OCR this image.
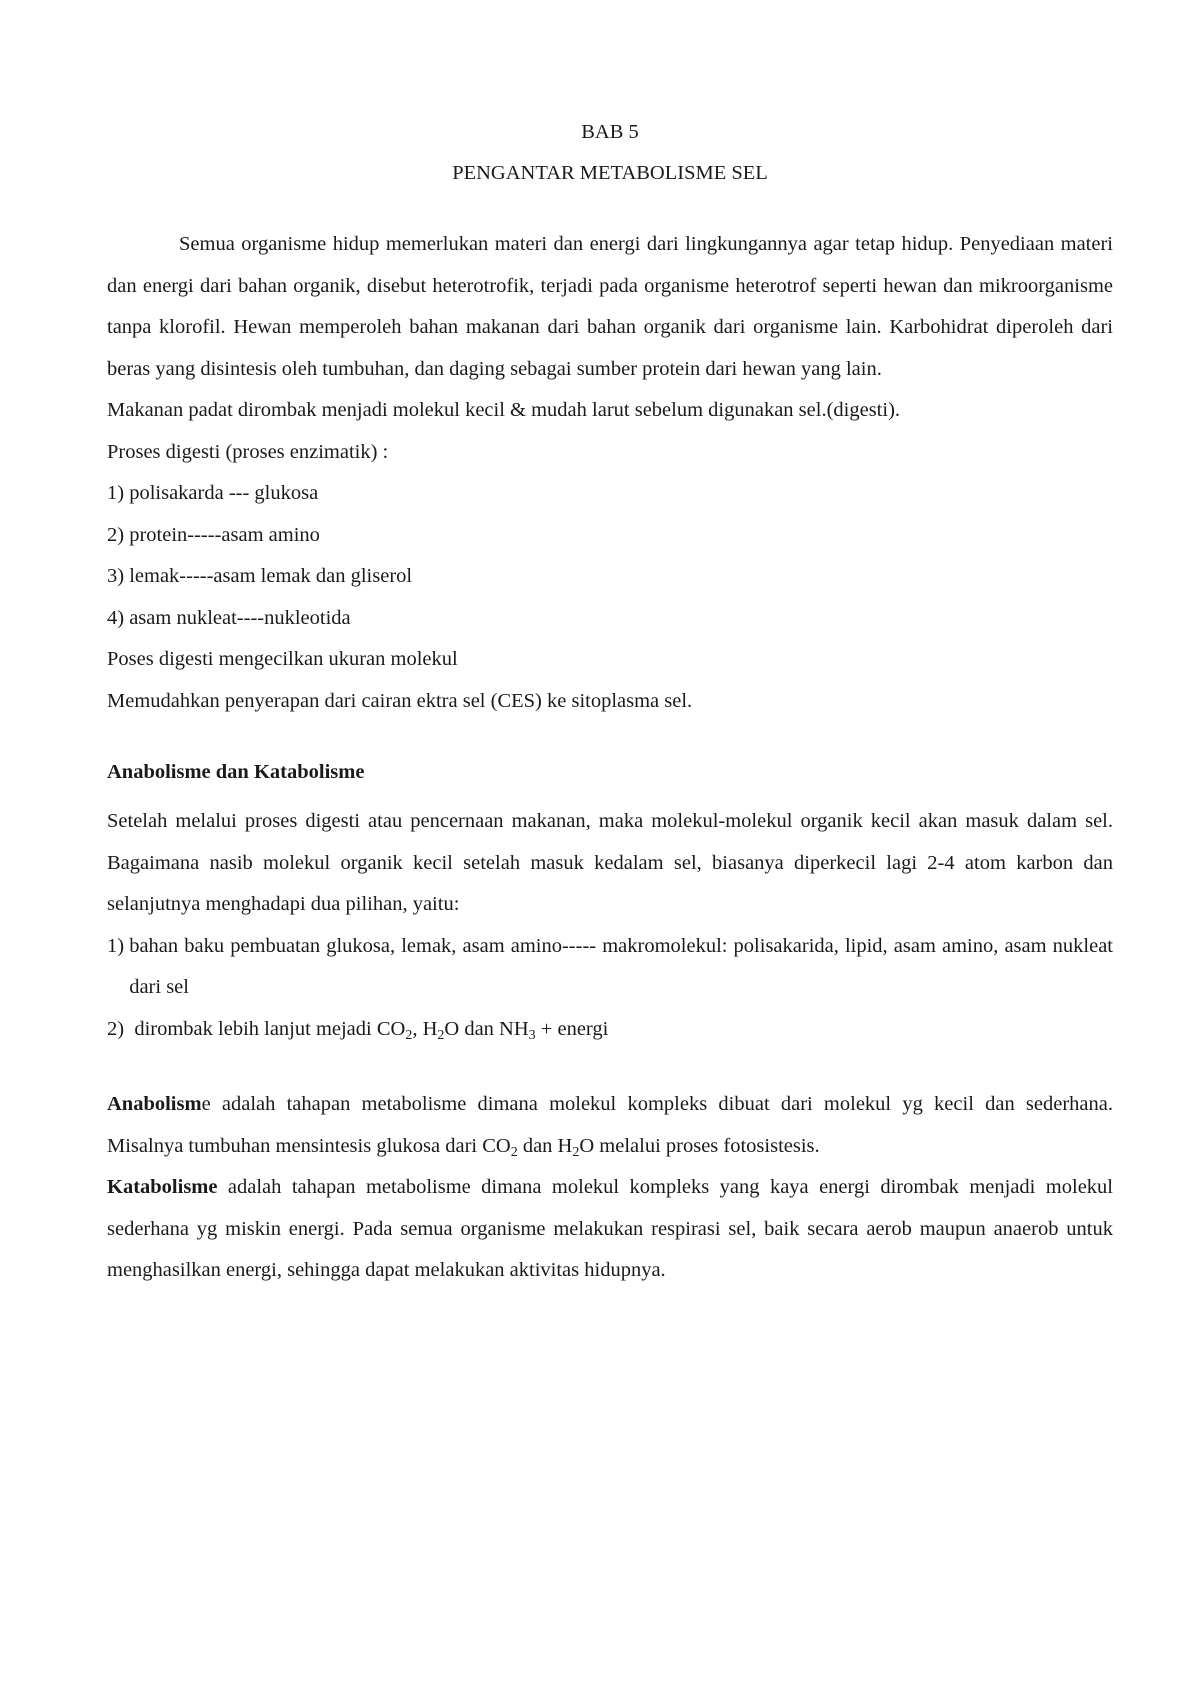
BAB 5
PENGANTAR METABOLISME SEL
Semua organisme hidup memerlukan materi dan energi dari lingkungannya agar tetap hidup. Penyediaan materi dan energi dari bahan organik, disebut heterotrofik, terjadi pada organisme heterotrof seperti hewan dan mikroorganisme tanpa klorofil. Hewan memperoleh bahan makanan dari bahan organik dari organisme lain. Karbohidrat diperoleh dari beras yang disintesis oleh tumbuhan, dan daging sebagai sumber protein dari hewan yang lain.
Makanan padat dirombak menjadi molekul kecil & mudah larut sebelum digunakan sel.(digesti).
Proses digesti (proses enzimatik) :
1) polisakarda --- glukosa
2) protein-----asam amino
3) lemak-----asam lemak dan gliserol
4) asam nukleat----nukleotida
Poses digesti mengecilkan ukuran molekul
Memudahkan penyerapan dari cairan ektra sel (CES) ke sitoplasma sel.
Anabolisme dan Katabolisme
Setelah melalui proses digesti atau pencernaan makanan, maka molekul-molekul organik kecil akan masuk dalam sel. Bagaimana nasib molekul organik kecil setelah masuk kedalam sel, biasanya diperkecil lagi 2-4 atom karbon dan selanjutnya menghadapi dua pilihan, yaitu:
1) bahan baku pembuatan glukosa, lemak, asam amino----- makromolekul: polisakarida, lipid, asam amino, asam nukleat dari sel
2)  dirombak lebih lanjut mejadi $CO_2$, $H_2O$ dan $NH_3$ + energi
Anabolisme adalah tahapan metabolisme dimana molekul kompleks dibuat dari molekul yg kecil dan sederhana. Misalnya tumbuhan mensintesis glukosa dari $CO_2$ dan $H_2O$ melalui proses fotosistesis.
Katabolisme adalah tahapan metabolisme dimana molekul kompleks yang kaya energi dirombak menjadi molekul sederhana yg miskin energi. Pada semua organisme melakukan respirasi sel, baik secara aerob maupun anaerob untuk menghasilkan energi, sehingga dapat melakukan aktivitas hidupnya.
